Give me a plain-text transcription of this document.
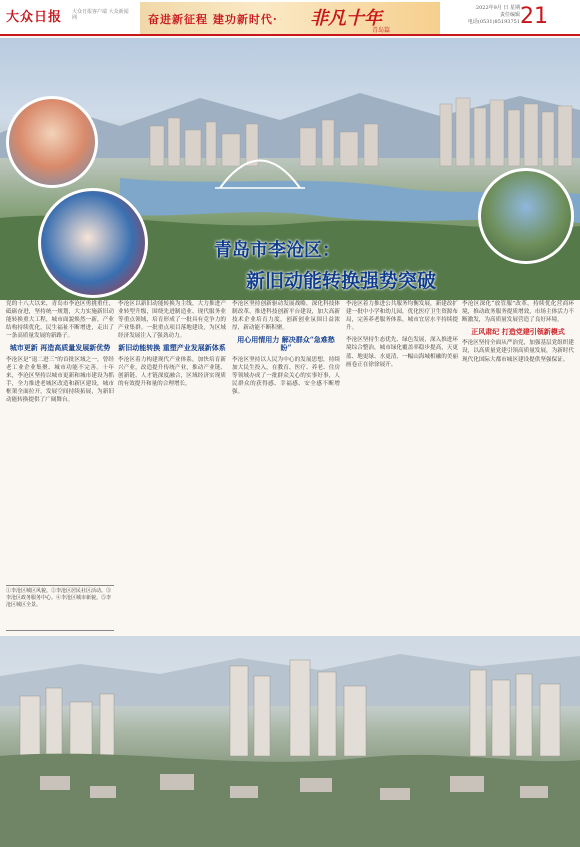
大众日报 大众日报客户端 大众新闻网	奋进新征程 建功新时代· 非凡十年
青岛篇
2022年9月 日 星期
责任编辑
电话(0531)85193751 21
青岛市李沧区：
新旧动能转换强势突破

党的十八大以来，青岛市李沧区勇挑重任，砥砺奋进，坚持统一规划，大力实施新旧动能转换重大工程，城市面貌焕然一新，产业结构持续优化，民生福祉不断增进，走出了一条高质量发展的新路子。

城市更新 再造高质量发展新优势

李沧区是“退二进三”的首批区域之一，曾经老工业企业集聚、城市功能不完善。十年来，李沧区坚持以城市更新和城市建设为抓手，全力推进老城区改造和新区建设，城市框架全面拉开，发展空间持续拓展，为新旧动能转换提供了广阔舞台。

李沧区以新旧动能转换为主线，大力推进产业转型升级，围绕先进制造业、现代服务业等重点领域，培育形成了一批具有竞争力的产业集群。一批重点项目落地建设，为区域经济发展注入了强劲动力。

新旧动能转换 重塑产业发展新体系

李沧区着力构建现代产业体系，加快培育新兴产业，改造提升传统产业，推动产业链、创新链、人才链深度融合，区域经济实现质的有效提升和量的合理增长。

李沧区坚持创新驱动发展战略，深化科技体制改革，推进科技创新平台建设，加大高新技术企业培育力度，创新创业氛围日益浓厚，新动能不断积聚。

用心用情用力 解决群众“急难愁盼”

李沧区坚持以人民为中心的发展思想，持续加大民生投入，在教育、医疗、养老、住房等领域办成了一批群众关心的实事好事，人民群众的获得感、幸福感、安全感不断增强。

李沧区着力推进公共服务均衡发展，新建改扩建一批中小学和幼儿园，优化医疗卫生资源布局，完善养老服务体系，城市宜居水平持续提升。

李沧区坚持生态优先、绿色发展，深入推进环境综合整治，城市绿化覆盖率稳步提高，天更蓝、地更绿、水更清，一幅山海城相融的美丽画卷正在徐徐展开。

李沧区深化“放管服”改革，持续优化营商环境，推动政务服务提质增效，市场主体活力不断激发，为高质量发展营造了良好环境。

正风肃纪 打造党建引领新模式

李沧区坚持全面从严治党，加强基层党组织建设，以高质量党建引领高质量发展，为新时代现代化国际大都市城区建设提供坚强保证。

①李沧区城区风貌。②李沧区居民社区活动。③李沧区政务服务中心。④李沧区城市新貌。⑤李沧区城区全景。
